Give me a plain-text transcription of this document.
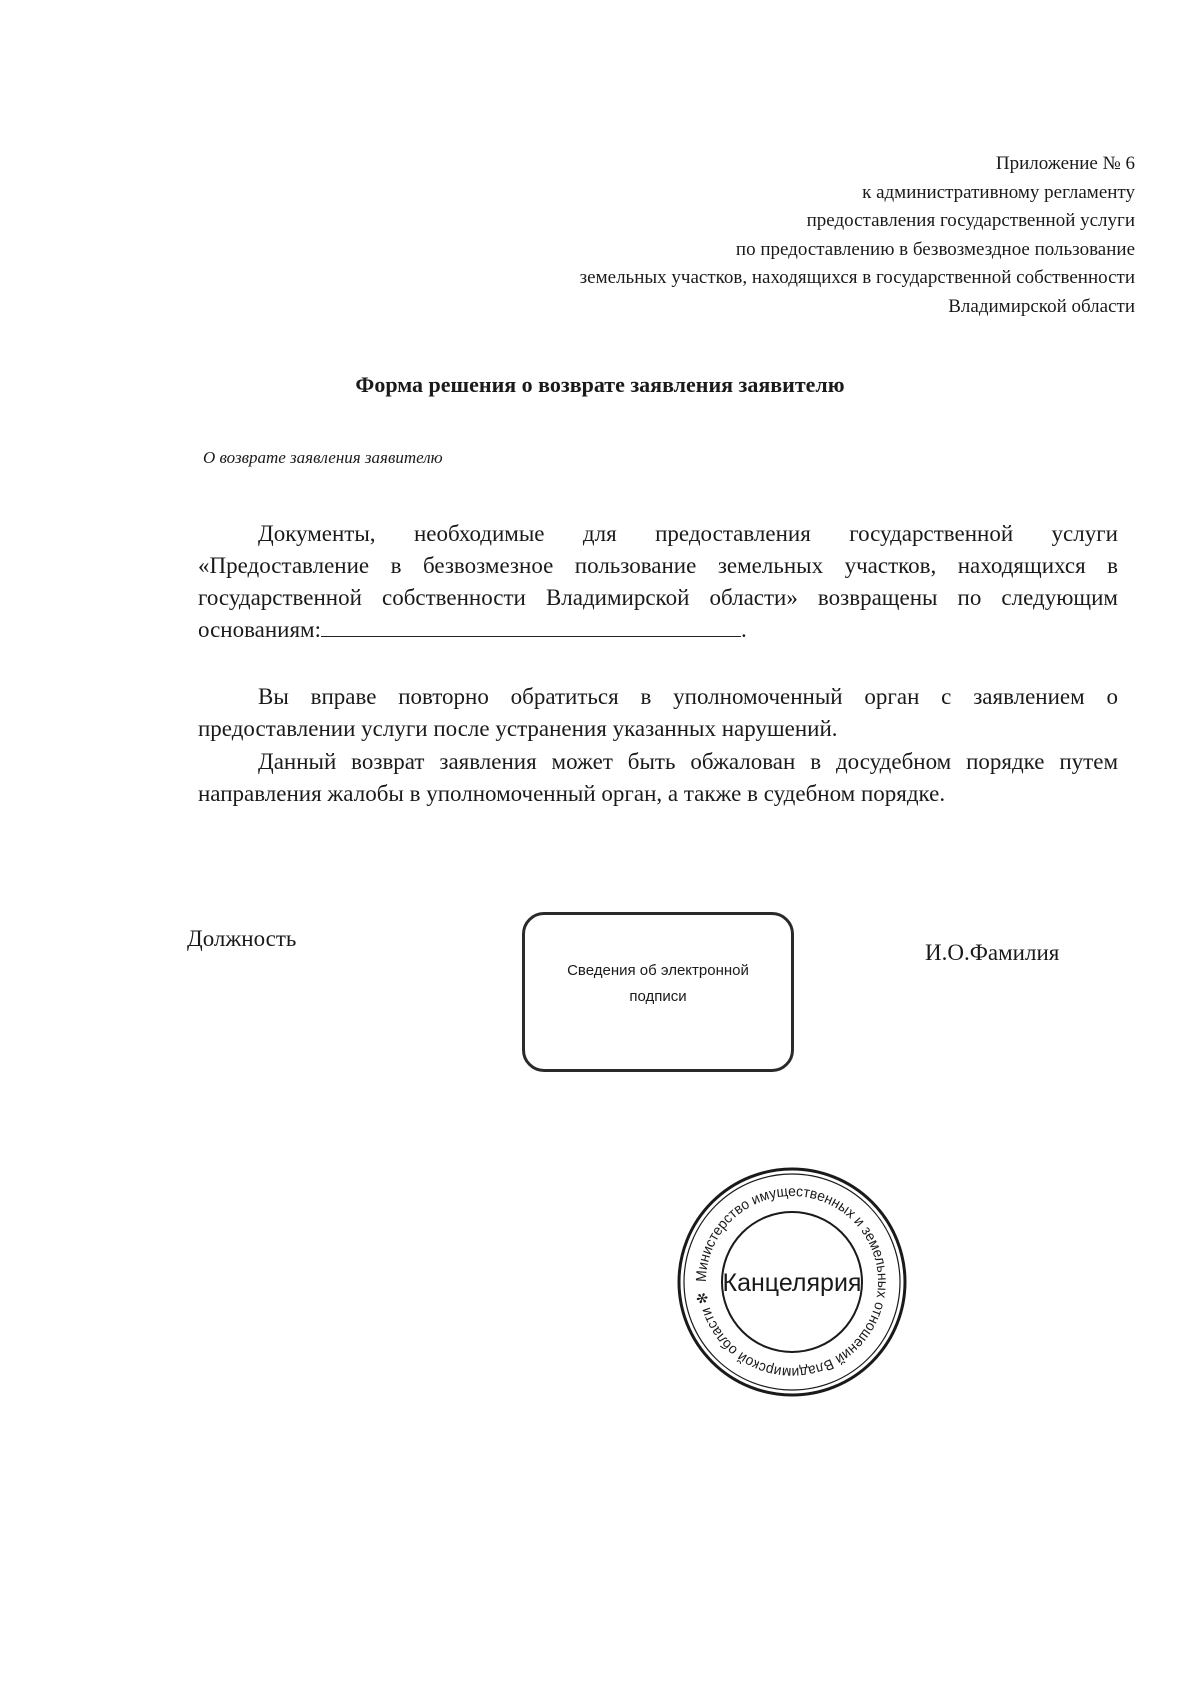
Приложение № 6
к административному регламенту
предоставления государственной услуги
по предоставлению в безвозмездное пользование
земельных участков, находящихся в государственной собственности
Владимирской области
Форма решения о возврате заявления заявителю
О возврате заявления заявителю
Документы, необходимые для предоставления государственной услуги «Предоставление в безвозмезное пользование земельных участков, находящихся в государственной собственности Владимирской области» возвращены по следующим основаниям:	.
Вы вправе повторно обратиться в уполномоченный орган с заявлением о предоставлении услуги после устранения указанных нарушений.
Данный возврат заявления может быть обжалован в досудебном порядке путем направления жалобы в уполномоченный орган, а также в судебном порядке.
Должность
Сведения об электронной подписи
И.О.Фамилия
Министерство имущественных и земельных отношений Владимирской области ✻
Канцелярия
